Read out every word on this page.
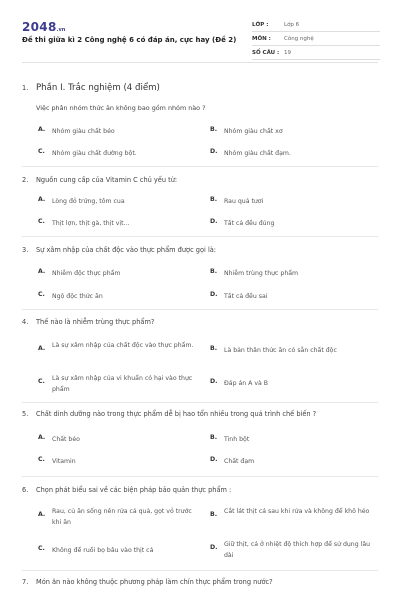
2048.vn
Đề thi giữa kì 2 Công nghệ 6 có đáp án, cực hay (Đề 2)
LỚP :	Lớp 6
MÔN :	Công nghệ
SỐ CÂU : 19
1. Phần I. Trắc nghiệm (4 điểm)
Việc phân nhóm thức ăn không bao gồm nhóm nào ?
A. Nhóm giàu chất béo	B. Nhóm giàu chất xơ
C. Nhóm giàu chất đường bột.	D. Nhóm giàu chất đạm.
2. Nguồn cung cấp của Vitamin C chủ yếu từ:
A. Lòng đỏ trứng, tôm cua	B. Rau quả tươi
C. Thịt lợn, thịt gà, thịt vịt...	D. Tất cả đều đúng
3. Sự xâm nhập của chất độc vào thực phẩm được gọi là:
A. Nhiễm độc thực phẩm	B. Nhiễm trùng thực phẩm
C. Ngộ độc thức ăn	D. Tất cả đều sai
4. Thế nào là nhiễm trùng thực phẩm?
A. Là sự xâm nhập của chất độc vào thực phẩm.	B. Là bản thân thức ăn có sẵn chất độc
C. Là sự xâm nhập của vi khuẩn có hại vào thực phẩm
D. Đáp án A và B
5. Chất dinh dưỡng nào trong thực phẩm dễ bị hao tổn nhiều trong quá trình chế biến ?
A. Chất béo	B. Tinh bột
C. Vitamin	D. Chất đạm
6. Chọn phát biểu sai về các biện pháp bảo quản thực phẩm :
A. Rau, củ ăn sống nên rửa cả quả, gọt vỏ trước khi ăn
B. Cắt lát thịt cá sau khi rửa và không để khô héo
C. Không để ruồi bọ bâu vào thịt cá	D. Giữ thịt, cá ở nhiệt độ thích hợp để sử dụng lâu dài
7. Món ăn nào không thuộc phương pháp làm chín thực phẩm trong nước?
